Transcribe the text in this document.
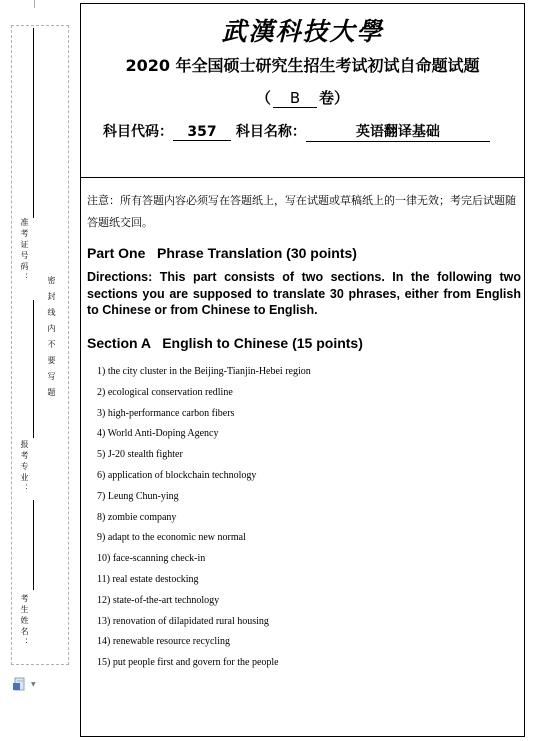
准考证号码：
密封线内不要写题
报考专业：
考生姓名：
▼
武漢科技大學
2020 年全国硕士研究生招生考试初试自命题试题
（ B 卷）
科目代码： 357 科目名称：	英语翻译基础
注意：所有答题内容必须写在答题纸上，写在试题或草稿纸上的一律无效；考完后试题随答题纸交回。
Part One   Phrase Translation (30 points)
Directions: This part consists of two sections. In the following two sections you are supposed to translate 30 phrases, either from English to Chinese or from Chinese to English.
Section A   English to Chinese (15 points)
1) the city cluster in the Beijing-Tianjin-Hebei region
2) ecological conservation redline
3) high-performance carbon fibers
4) World Anti-Doping Agency
5) J-20 stealth fighter
6) application of blockchain technology
7) Leung Chun-ying
8) zombie company
9) adapt to the economic new normal
10) face-scanning check-in
11) real estate destocking
12) state-of-the-art technology
13) renovation of dilapidated rural housing
14) renewable resource recycling
15) put people first and govern for the people
